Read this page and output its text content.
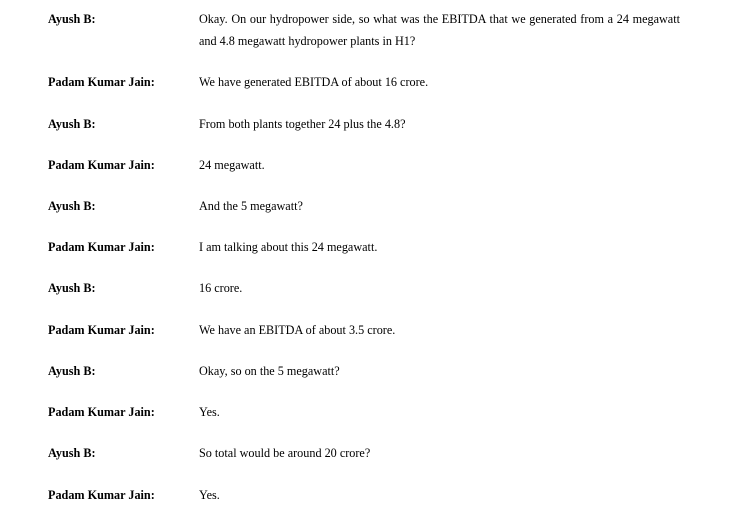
Ayush B:	Okay. On our hydropower side, so what was the EBITDA that we generated from a 24 megawatt and 4.8 megawatt hydropower plants in H1?
Padam Kumar Jain:	We have generated EBITDA of about 16 crore.
Ayush B:	From both plants together 24 plus the 4.8?
Padam Kumar Jain:	24 megawatt.
Ayush B:	And the 5 megawatt?
Padam Kumar Jain:	I am talking about this 24 megawatt.
Ayush B:	16 crore.
Padam Kumar Jain:	We have an EBITDA of about 3.5 crore.
Ayush B:	Okay, so on the 5 megawatt?
Padam Kumar Jain:	Yes.
Ayush B:	So total would be around 20 crore?
Padam Kumar Jain:	Yes.
